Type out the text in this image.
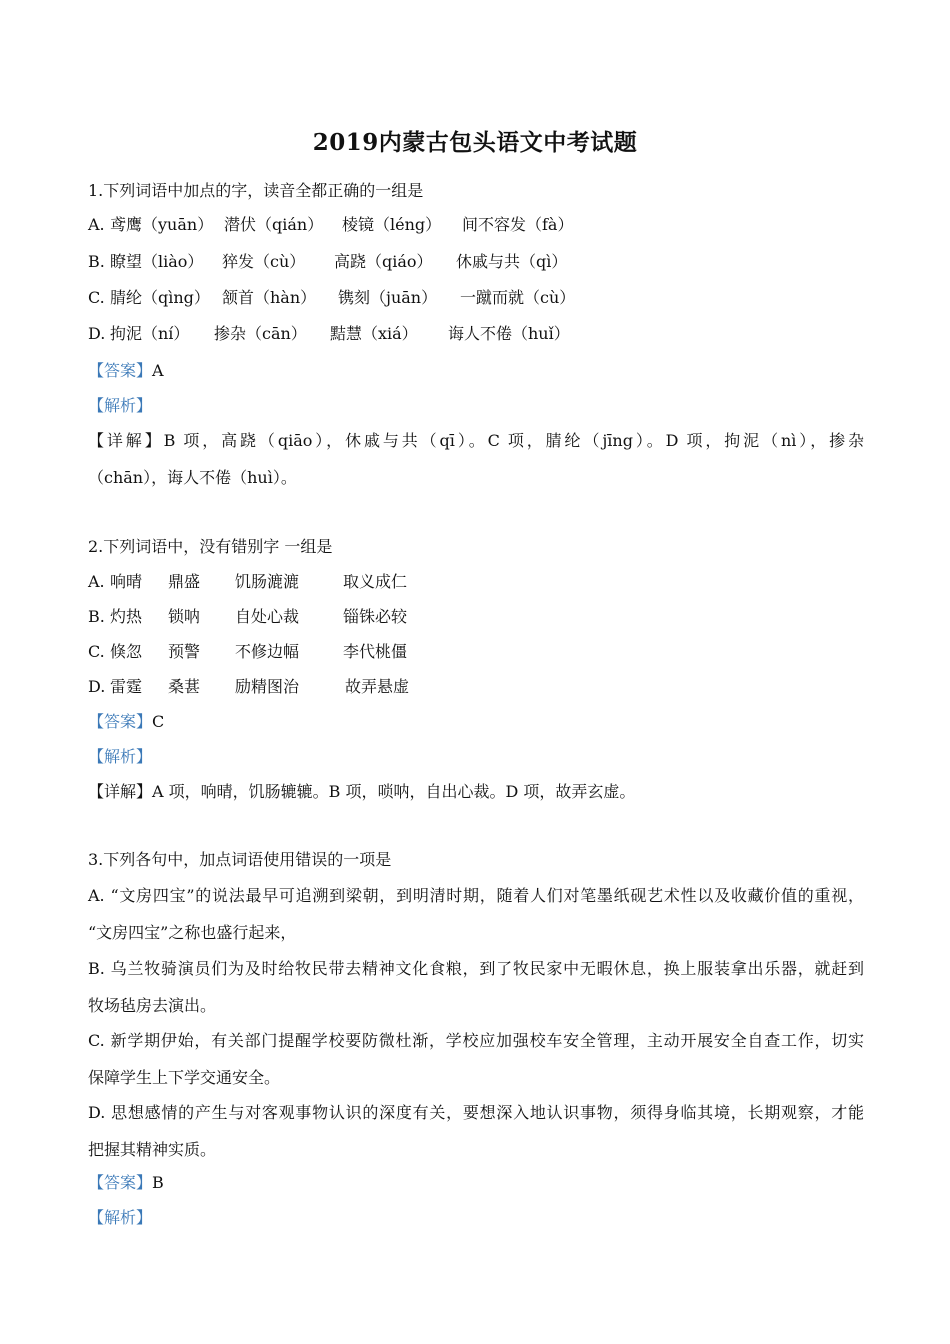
2019内蒙古包头语文中考试题
1.下列词语中加点的字，读音全都正确的一组是
A. 鸢鹰（yuān） 潜伏（qián） 棱镜（léng） 间不容发（fà）
B. 瞭望（liào） 猝发（cù） 高跷（qiáo） 休戚与共（qì）
C. 腈纶（qìng） 颔首（hàn） 镌刻（juān） 一蹴而就（cù）
D. 拘泥（ní） 掺杂（cān） 黠慧（xiá） 诲人不倦（huǐ）
【答案】A
【解析】
【详解】B 项，高跷（qiāo），休戚与共（qī）。C 项，腈纶（jīng）。D 项，拘泥（nì），掺杂
（chān），诲人不倦（huì）。
2.下列词语中，没有错别字 一组是
A. 响晴 鼎盛 饥肠漉漉	取义成仁
B. 灼热 锁呐 自处心裁	锱铢必较
C. 倏忽 预警 不修边幅	李代桃僵
D. 雷霆 桑葚 励精图治	故弄悬虚
【答案】C
【解析】
【详解】A 项，响晴，饥肠辘辘。B 项，唢呐，自出心裁。D 项，故弄玄虚。
3.下列各句中，加点词语使用错误的一项是
A. “文房四宝”的说法最早可追溯到梁朝，到明清时期，随着人们对笔墨纸砚艺术性以及收藏价值的重视，
“文房四宝”之称也盛行起来，
B. 乌兰牧骑演员们为及时给牧民带去精神文化食粮，到了牧民家中无暇休息，换上服装拿出乐器，就赶到
牧场毡房去演出。
C. 新学期伊始，有关部门提醒学校要防微杜渐，学校应加强校车安全管理，主动开展安全自查工作，切实
保障学生上下学交通安全。
D. 思想感情的产生与对客观事物认识的深度有关，要想深入地认识事物，须得身临其境，长期观察，才能
把握其精神实质。
【答案】B
【解析】
